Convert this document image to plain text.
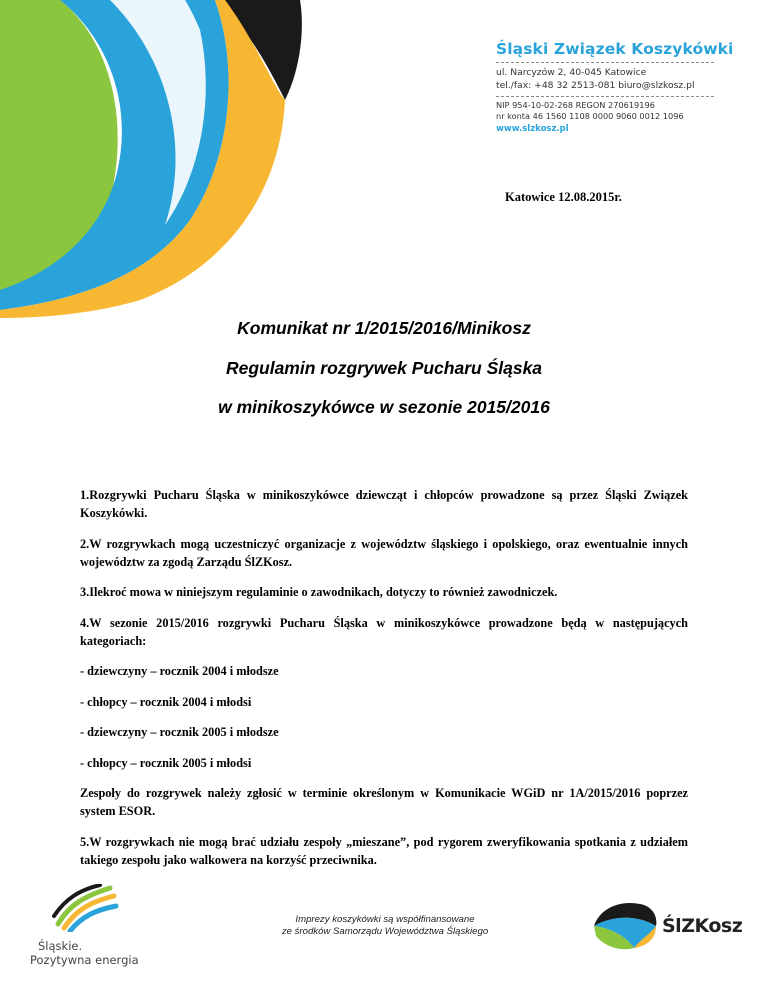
Śląski Związek Koszykówki
ul. Narcyzów 2, 40-045 Katowice
tel./fax: +48 32 2513-081 biuro@slzkosz.pl
NIP 954-10-02-268 REGON 270619196
nr konta 46 1560 1108 0000 9060 0012 1096
www.slzkosz.pl
Katowice 12.08.2015r.
Komunikat nr 1/2015/2016/Minikosz
Regulamin rozgrywek Pucharu Śląska
w minikoszykówce w sezonie 2015/2016

1.Rozgrywki Pucharu Śląska w minikoszykówce dziewcząt i chłopców prowadzone są przez Śląski Związek Koszykówki.

2.W rozgrywkach mogą uczestniczyć organizacje z województw śląskiego i opolskiego, oraz ewentualnie innych województw za zgodą Zarządu ŚlZKosz.

3.Ilekroć mowa w niniejszym regulaminie o zawodnikach, dotyczy to również zawodniczek.

4.W sezonie 2015/2016 rozgrywki Pucharu Śląska w minikoszykówce prowadzone będą w następujących kategoriach:

- dziewczyny – rocznik 2004 i młodsze

- chłopcy – rocznik 2004 i młodsi

- dziewczyny – rocznik 2005 i młodsze

- chłopcy – rocznik 2005 i młodsi

Zespoły do rozgrywek należy zgłosić w terminie określonym w Komunikacie WGiD nr 1A/2015/2016 poprzez system ESOR.

5.W rozgrywkach nie mogą brać udziału zespoły „mieszane”, pod rygorem zweryfikowania spotkania z udziałem takiego zespołu jako walkowera na korzyść przeciwnika.

Śląskie.
Pozytywna energia
Imprezy koszykówki są współfinansowane
ze środków Samorządu Województwa Śląskiego	ŚlZKosz
